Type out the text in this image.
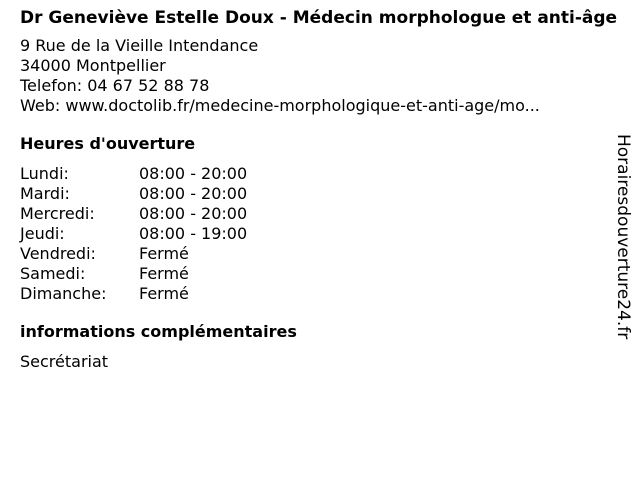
Dr Geneviève Estelle Doux - Médecin morphologue et anti-âge
9 Rue de la Vieille Intendance
34000 Montpellier
Telefon: 04 67 52 88 78
Web: www.doctolib.fr/medecine-morphologique-et-anti-age/mo...
Heures d'ouverture
Lundi:	08:00 - 20:00
Mardi:	08:00 - 20:00
Mercredi:	08:00 - 20:00
Jeudi:	08:00 - 19:00
Vendredi:	Fermé
Samedi:	Fermé
Dimanche:	Fermé
informations complémentaires
Secrétariat
Horairesdouverture24.fr
